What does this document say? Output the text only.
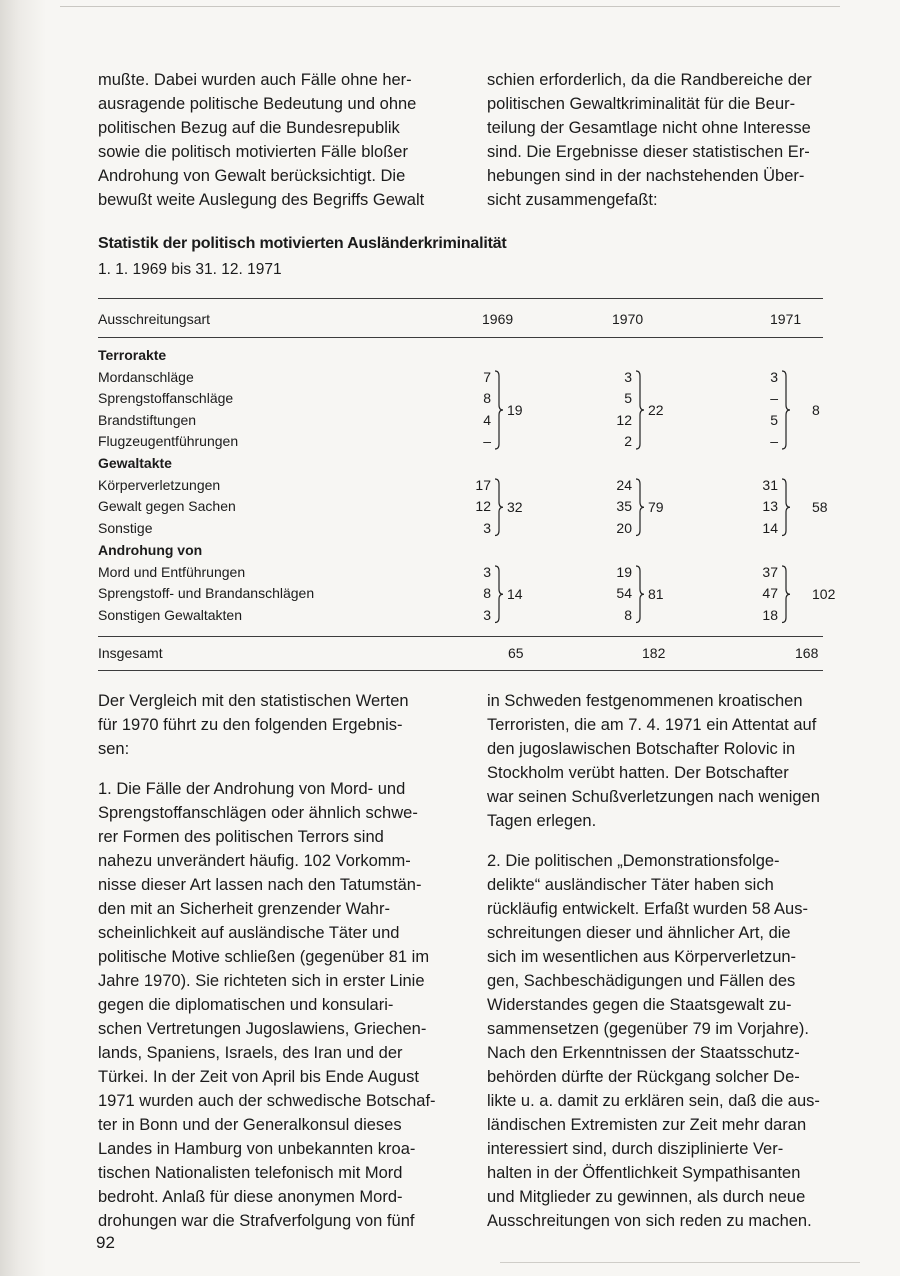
mußte. Dabei wurden auch Fälle ohne her-

ausragende politische Bedeutung und ohne

politischen Bezug auf die Bundesrepublik

sowie die politisch motivierten Fälle bloßer

Androhung von Gewalt berücksichtigt. Die

bewußt weite Auslegung des Begriffs Gewalt

schien erforderlich, da die Randbereiche der

politischen Gewaltkriminalität für die Beur-

teilung der Gesamtlage nicht ohne Interesse

sind. Die Ergebnisse dieser statistischen Er-

hebungen sind in der nachstehenden Über-

sicht zusammengefaßt:

Statistik der politisch motivierten Ausländerkriminalität
1. 1. 1969 bis 31. 12. 1971
Ausschreitungsart	1969	1970	1971
Terrorakte
Mordanschläge	7	3	3
Sprengstoffanschläge	8	5	–
Brandstiftungen	4	12	5
Flugzeugentführungen	–	2	–
19	22	8
Gewaltakte
Körperverletzungen	17	24	31
Gewalt gegen Sachen	12	35	13
Sonstige	3	20	14
32	79	58
Androhung von
Mord und Entführungen	3	19	37
Sprengstoff- und Brandanschlägen	8	54	47
Sonstigen Gewaltakten	3	8	18
14	81	102
Insgesamt	65	182	168

Der Vergleich mit den statistischen Werten

für 1970 führt zu den folgenden Ergebnis-

sen:

1. Die Fälle der Androhung von Mord- und

Sprengstoffanschlägen oder ähnlich schwe-

rer Formen des politischen Terrors sind

nahezu unverändert häufig. 102 Vorkomm-

nisse dieser Art lassen nach den Tatumstän-

den mit an Sicherheit grenzender Wahr-

scheinlichkeit auf ausländische Täter und

politische Motive schließen (gegenüber 81 im

Jahre 1970). Sie richteten sich in erster Linie

gegen die diplomatischen und konsulari-

schen Vertretungen Jugoslawiens, Griechen-

lands, Spaniens, Israels, des Iran und der

Türkei. In der Zeit von April bis Ende August

1971 wurden auch der schwedische Botschaf-

ter in Bonn und der Generalkonsul dieses

Landes in Hamburg von unbekannten kroa-

tischen Nationalisten telefonisch mit Mord

bedroht. Anlaß für diese anonymen Mord-

drohungen war die Strafverfolgung von fünf

in Schweden festgenommenen kroatischen

Terroristen, die am 7. 4. 1971 ein Attentat auf

den jugoslawischen Botschafter Rolovic in

Stockholm verübt hatten. Der Botschafter

war seinen Schußverletzungen nach wenigen

Tagen erlegen.

2. Die politischen „Demonstrationsfolge-

delikte“ ausländischer Täter haben sich

rückläufig entwickelt. Erfaßt wurden 58 Aus-

schreitungen dieser und ähnlicher Art, die

sich im wesentlichen aus Körperverletzun-

gen, Sachbeschädigungen und Fällen des

Widerstandes gegen die Staatsgewalt zu-

sammensetzen (gegenüber 79 im Vorjahre).

Nach den Erkenntnissen der Staatsschutz-

behörden dürfte der Rückgang solcher De-

likte u. a. damit zu erklären sein, daß die aus-

ländischen Extremisten zur Zeit mehr daran

interessiert sind, durch disziplinierte Ver-

halten in der Öffentlichkeit Sympathisanten

und Mitglieder zu gewinnen, als durch neue

Ausschreitungen von sich reden zu machen.

92
